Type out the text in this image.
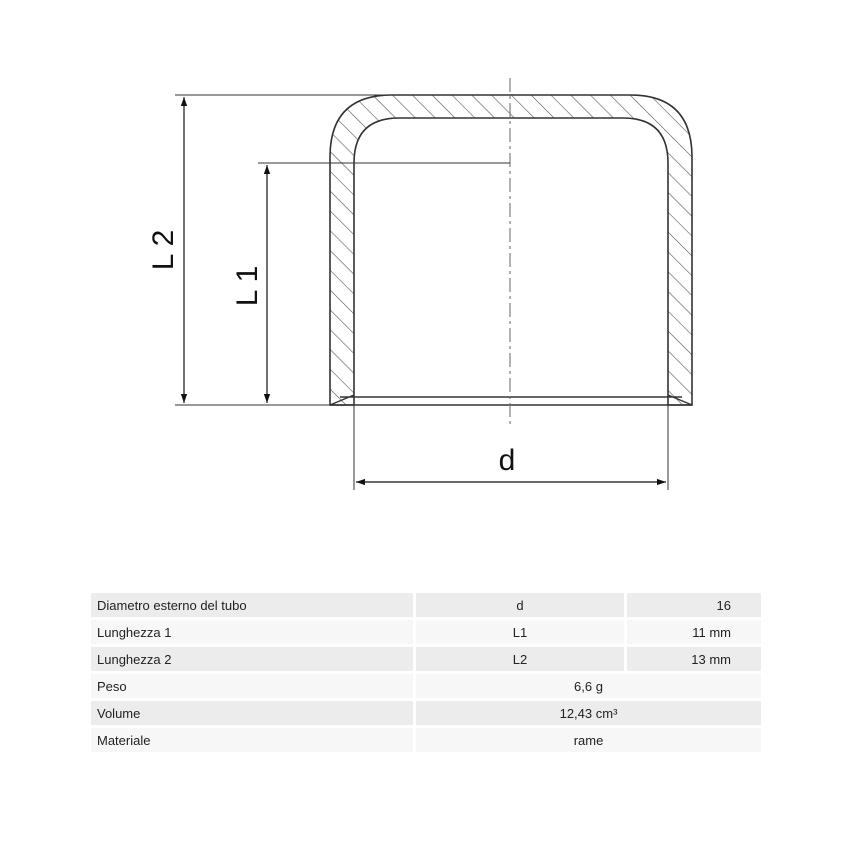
L 2
L 1
d
Diametro esterno del tubo	d	16
Lunghezza 1	L1	11 mm
Lunghezza 2	L2	13 mm
Peso	6,6 g	
Volume	12,43 cm³	
Materiale	rame	
